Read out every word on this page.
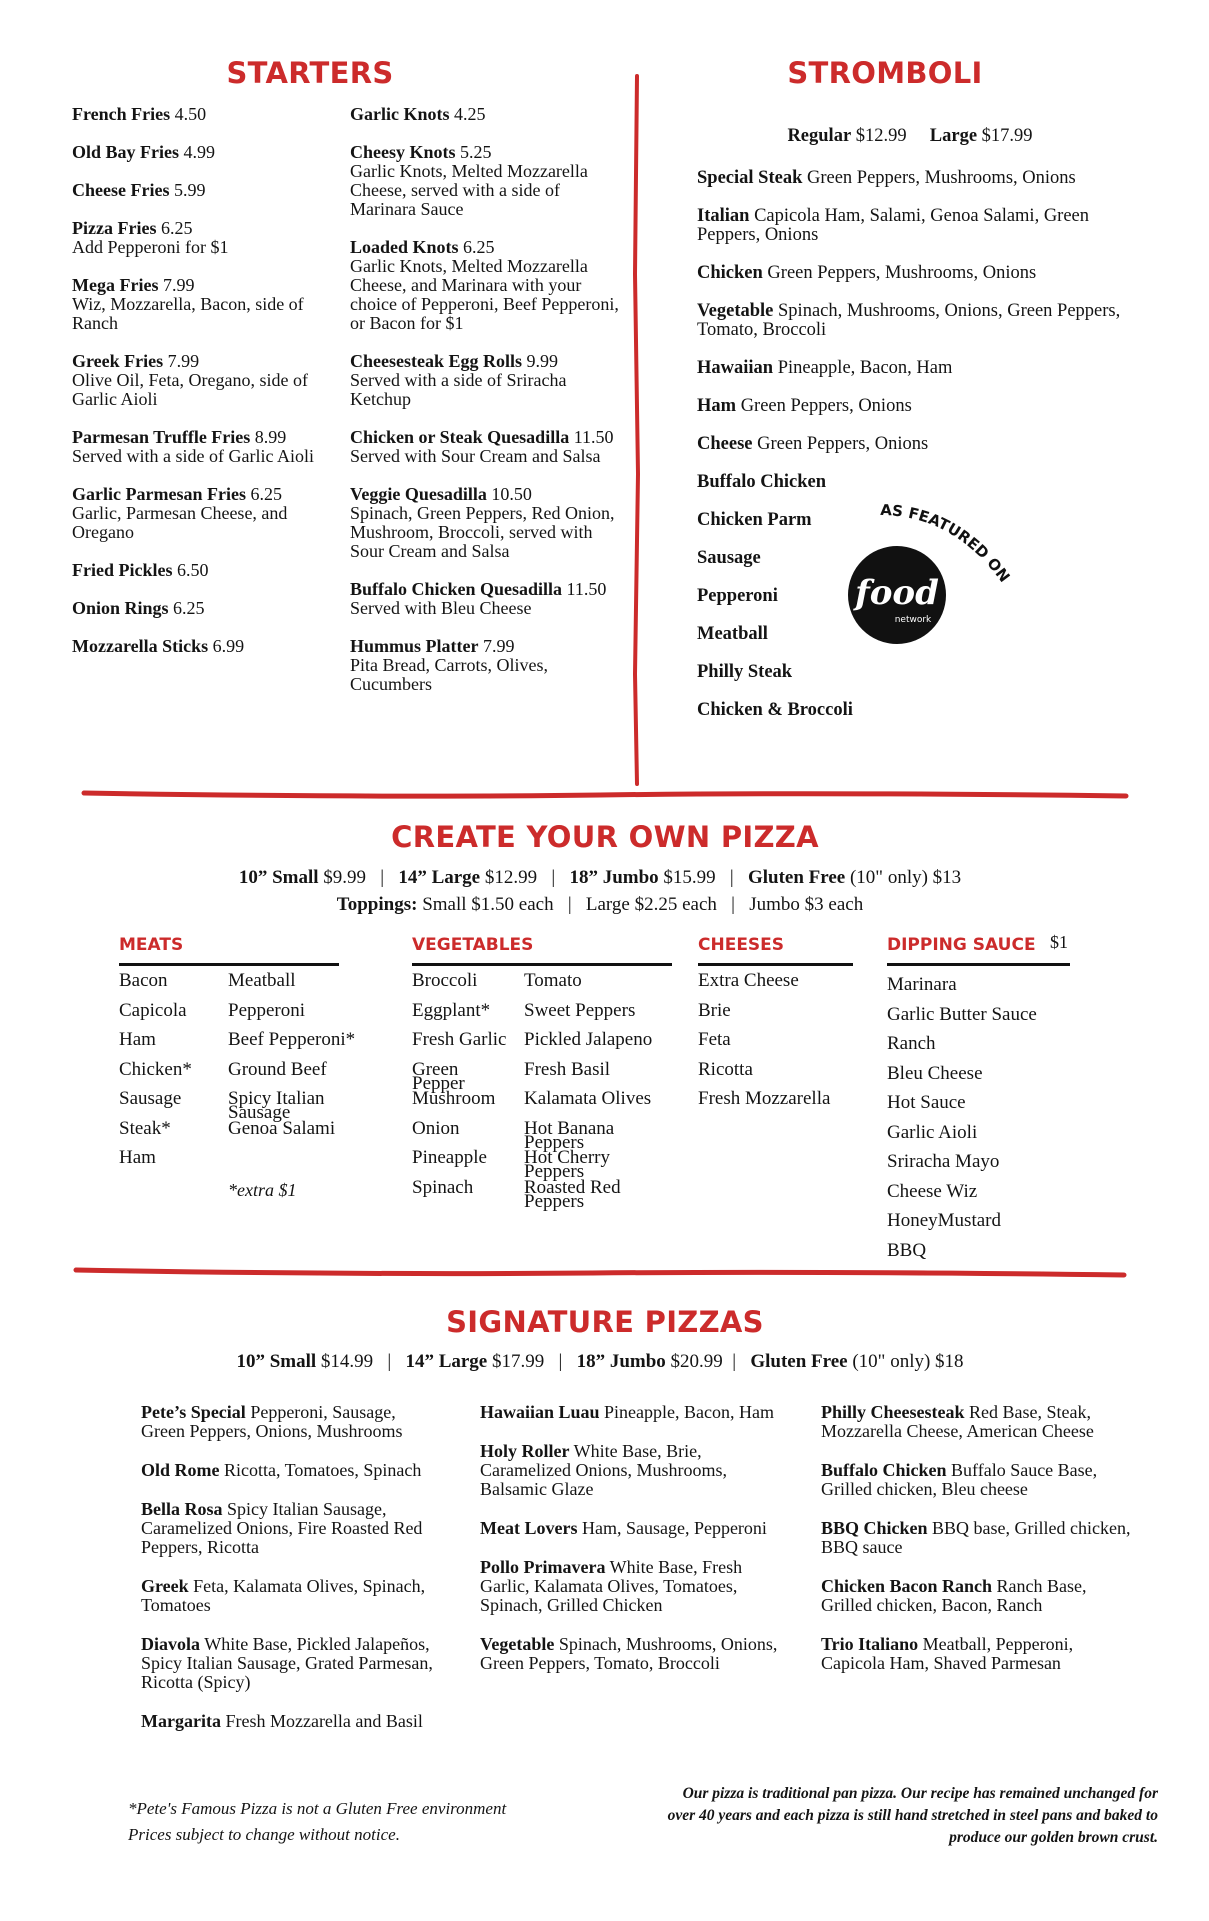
STARTERS
French Fries 4.50
Old Bay Fries 4.99
Cheese Fries 5.99
Pizza Fries 6.25
Add Pepperoni for $1
Mega Fries 7.99
Wiz, Mozzarella, Bacon, side of Ranch
Greek Fries 7.99
Olive Oil, Feta, Oregano, side of Garlic Aioli
Parmesan Truffle Fries 8.99
Served with a side of Garlic Aioli
Garlic Parmesan Fries 6.25
Garlic, Parmesan Cheese, and Oregano
Fried Pickles 6.50
Onion Rings 6.25
Mozzarella Sticks 6.99
Garlic Knots 4.25
Cheesy Knots 5.25
Garlic Knots, Melted Mozzarella Cheese, served with a side of Marinara Sauce
Loaded Knots 6.25
Garlic Knots, Melted Mozzarella Cheese, and Marinara with your choice of Pepperoni, Beef Pepperoni, or Bacon for $1
Cheesesteak Egg Rolls 9.99
Served with a side of Sriracha Ketchup
Chicken or Steak Quesadilla 11.50
Served with Sour Cream and Salsa
Veggie Quesadilla 10.50
Spinach, Green Peppers, Red Onion, Mushroom, Broccoli, served with Sour Cream and Salsa
Buffalo Chicken Quesadilla 11.50
Served with Bleu Cheese
Hummus Platter 7.99
Pita Bread, Carrots, Olives, Cucumbers
STROMBOLI
Regular $12.99 Large $17.99
Special Steak Green Peppers, Mushrooms, Onions
Italian Capicola Ham, Salami, Genoa Salami, Green Peppers, Onions
Chicken Green Peppers, Mushrooms, Onions
Vegetable Spinach, Mushrooms, Onions, Green Peppers, Tomato, Broccoli
Hawaiian Pineapple, Bacon, Ham
Ham Green Peppers, Onions
Cheese Green Peppers, Onions
Buffalo Chicken
Chicken Parm
Sausage
Pepperoni
Meatball
Philly Steak
Chicken & Broccoli
AS FEATURED ON
food
network
CREATE YOUR OWN PIZZA
10” Small $9.99   |   14” Large $12.99   |   18” Jumbo $15.99   |   Gluten Free (10" only) $13
Toppings: Small $1.50 each   |   Large $2.25 each   |   Jumbo $3 each
MEATS
Bacon
Capicola
Ham
Chicken*
Sausage
Steak*
Ham
Meatball
Pepperoni
Beef Pepperoni*
Ground Beef
Spicy Italian Sausage
Genoa Salami
*extra $1
VEGETABLES
Broccoli
Eggplant*
Fresh Garlic
Green Pepper
Mushroom
Onion
Pineapple
Spinach
Tomato
Sweet Peppers
Pickled Jalapeno
Fresh Basil
Kalamata Olives
Hot Banana Peppers
Hot Cherry Peppers
Roasted Red Peppers
CHEESES
Extra Cheese
Brie
Feta
Ricotta
Fresh Mozzarella
DIPPING SAUCE $1
Marinara
Garlic Butter Sauce
Ranch
Bleu Cheese
Hot Sauce
Garlic Aioli
Sriracha Mayo
Cheese Wiz
HoneyMustard
BBQ
SIGNATURE PIZZAS
10” Small $14.99   |   14” Large $17.99   |   18” Jumbo $20.99  |   Gluten Free (10" only) $18
Pete’s Special Pepperoni, Sausage, Green Peppers, Onions, Mushrooms
Old Rome Ricotta, Tomatoes, Spinach
Bella Rosa Spicy Italian Sausage, Caramelized Onions, Fire Roasted Red Peppers, Ricotta
Greek Feta, Kalamata Olives, Spinach, Tomatoes
Diavola White Base, Pickled Jalapeños, Spicy Italian Sausage, Grated Parmesan, Ricotta (Spicy)
Margarita Fresh Mozzarella and Basil
Hawaiian Luau Pineapple, Bacon, Ham
Holy Roller White Base, Brie, Caramelized Onions, Mushrooms, Balsamic Glaze
Meat Lovers Ham, Sausage, Pepperoni
Pollo Primavera White Base, Fresh Garlic, Kalamata Olives, Tomatoes, Spinach, Grilled Chicken
Vegetable Spinach, Mushrooms, Onions, Green Peppers, Tomato, Broccoli
Philly Cheesesteak Red Base, Steak, Mozzarella Cheese, American Cheese
Buffalo Chicken Buffalo Sauce Base, Grilled chicken, Bleu cheese
BBQ Chicken BBQ base, Grilled chicken, BBQ sauce
Chicken Bacon Ranch Ranch Base, Grilled chicken, Bacon, Ranch
Trio Italiano Meatball, Pepperoni, Capicola Ham, Shaved Parmesan
*Pete's Famous Pizza is not a Gluten Free environment
Prices subject to change without notice.
Our pizza is traditional pan pizza. Our recipe has remained unchanged for over 40 years and each pizza is still hand stretched in steel pans and baked to produce our golden brown crust.
